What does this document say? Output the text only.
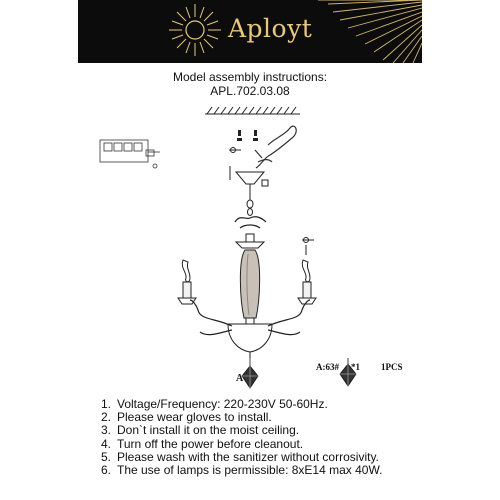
Aployt
Model assembly instructions:
APL.702.03.08
A
A:63# *1 1PCS
1. Voltage/Frequency: 220-230V 50-60Hz.
2. Please wear gloves to install.
3. Don`t install it on the moist ceiling.
4. Turn off the power before cleanout.
5. Please wash with the sanitizer without corrosivity.
6. The use of lamps is permissible: 8xE14 max 40W.
